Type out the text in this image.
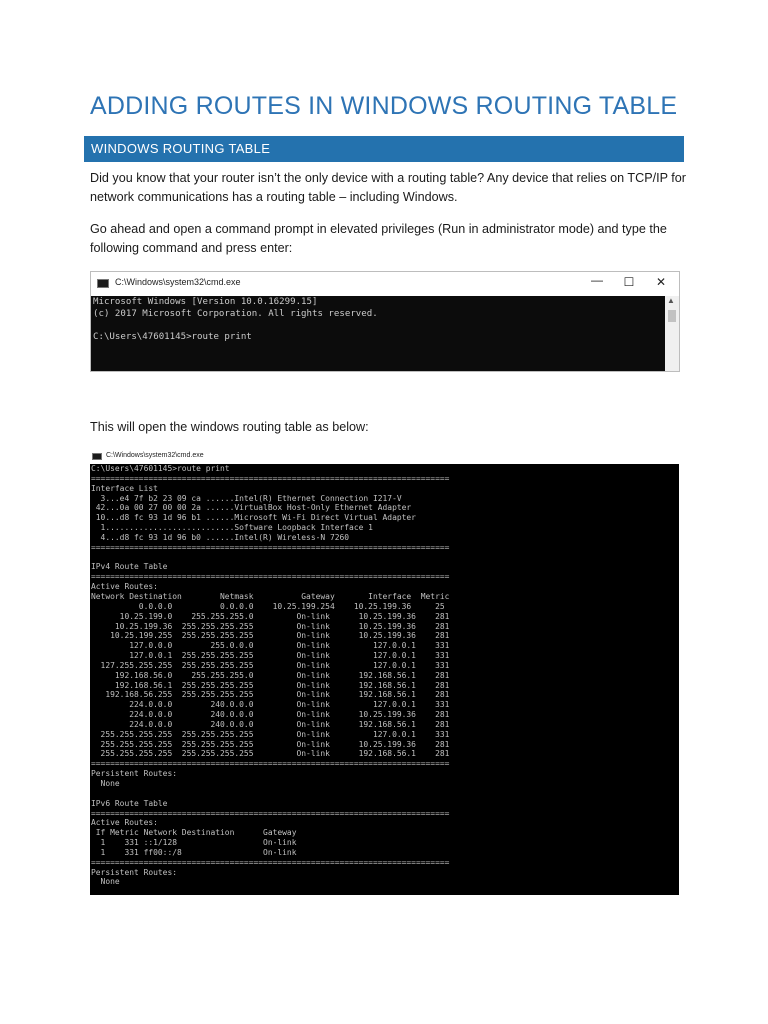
ADDING ROUTES IN WINDOWS ROUTING TABLE
WINDOWS ROUTING TABLE

Did you know that your router isn’t the only device with a routing table? Any device that relies on TCP/IP for network communications has a routing table – including Windows.

Go ahead and open a command prompt in elevated privileges (Run in administrator mode) and type the following command and press enter:

C:\Windows\system32\cmd.exe	— ☐ ✕
Microsoft Windows [Version 10.0.16299.15]
(c) 2017 Microsoft Corporation. All rights reserved.

C:\Users\47601145>route print
▲

This will open the windows routing table as below:

C:\Windows\system32\cmd.exe
C:\Users\47601145>route print
===========================================================================
Interface List
3...e4 7f b2 23 09 ca ......Intel(R) Ethernet Connection I217-V
42...0a 00 27 00 00 2a ......VirtualBox Host-Only Ethernet Adapter
10...d8 fc 93 1d 96 b1 ......Microsoft Wi-Fi Direct Virtual Adapter
1...........................Software Loopback Interface 1
4...d8 fc 93 1d 96 b0 ......Intel(R) Wireless-N 7260
===========================================================================

IPv4 Route Table
===========================================================================
Active Routes:
Network Destination        Netmask          Gateway       Interface  Metric
0.0.0.0          0.0.0.0    10.25.199.254    10.25.199.36     25
10.25.199.0    255.255.255.0         On-link      10.25.199.36    281
10.25.199.36  255.255.255.255         On-link      10.25.199.36    281
10.25.199.255  255.255.255.255         On-link      10.25.199.36    281
127.0.0.0        255.0.0.0         On-link         127.0.0.1    331
127.0.0.1  255.255.255.255         On-link         127.0.0.1    331
127.255.255.255  255.255.255.255         On-link         127.0.0.1    331
192.168.56.0    255.255.255.0         On-link      192.168.56.1    281
192.168.56.1  255.255.255.255         On-link      192.168.56.1    281
192.168.56.255  255.255.255.255         On-link      192.168.56.1    281
224.0.0.0        240.0.0.0         On-link         127.0.0.1    331
224.0.0.0        240.0.0.0         On-link      10.25.199.36    281
224.0.0.0        240.0.0.0         On-link      192.168.56.1    281
255.255.255.255  255.255.255.255         On-link         127.0.0.1    331
255.255.255.255  255.255.255.255         On-link      10.25.199.36    281
255.255.255.255  255.255.255.255         On-link      192.168.56.1    281
===========================================================================
Persistent Routes:
None

IPv6 Route Table
===========================================================================
Active Routes:
If Metric Network Destination      Gateway
1    331 ::1/128                  On-link
1    331 ff00::/8                 On-link
===========================================================================
Persistent Routes:
None
